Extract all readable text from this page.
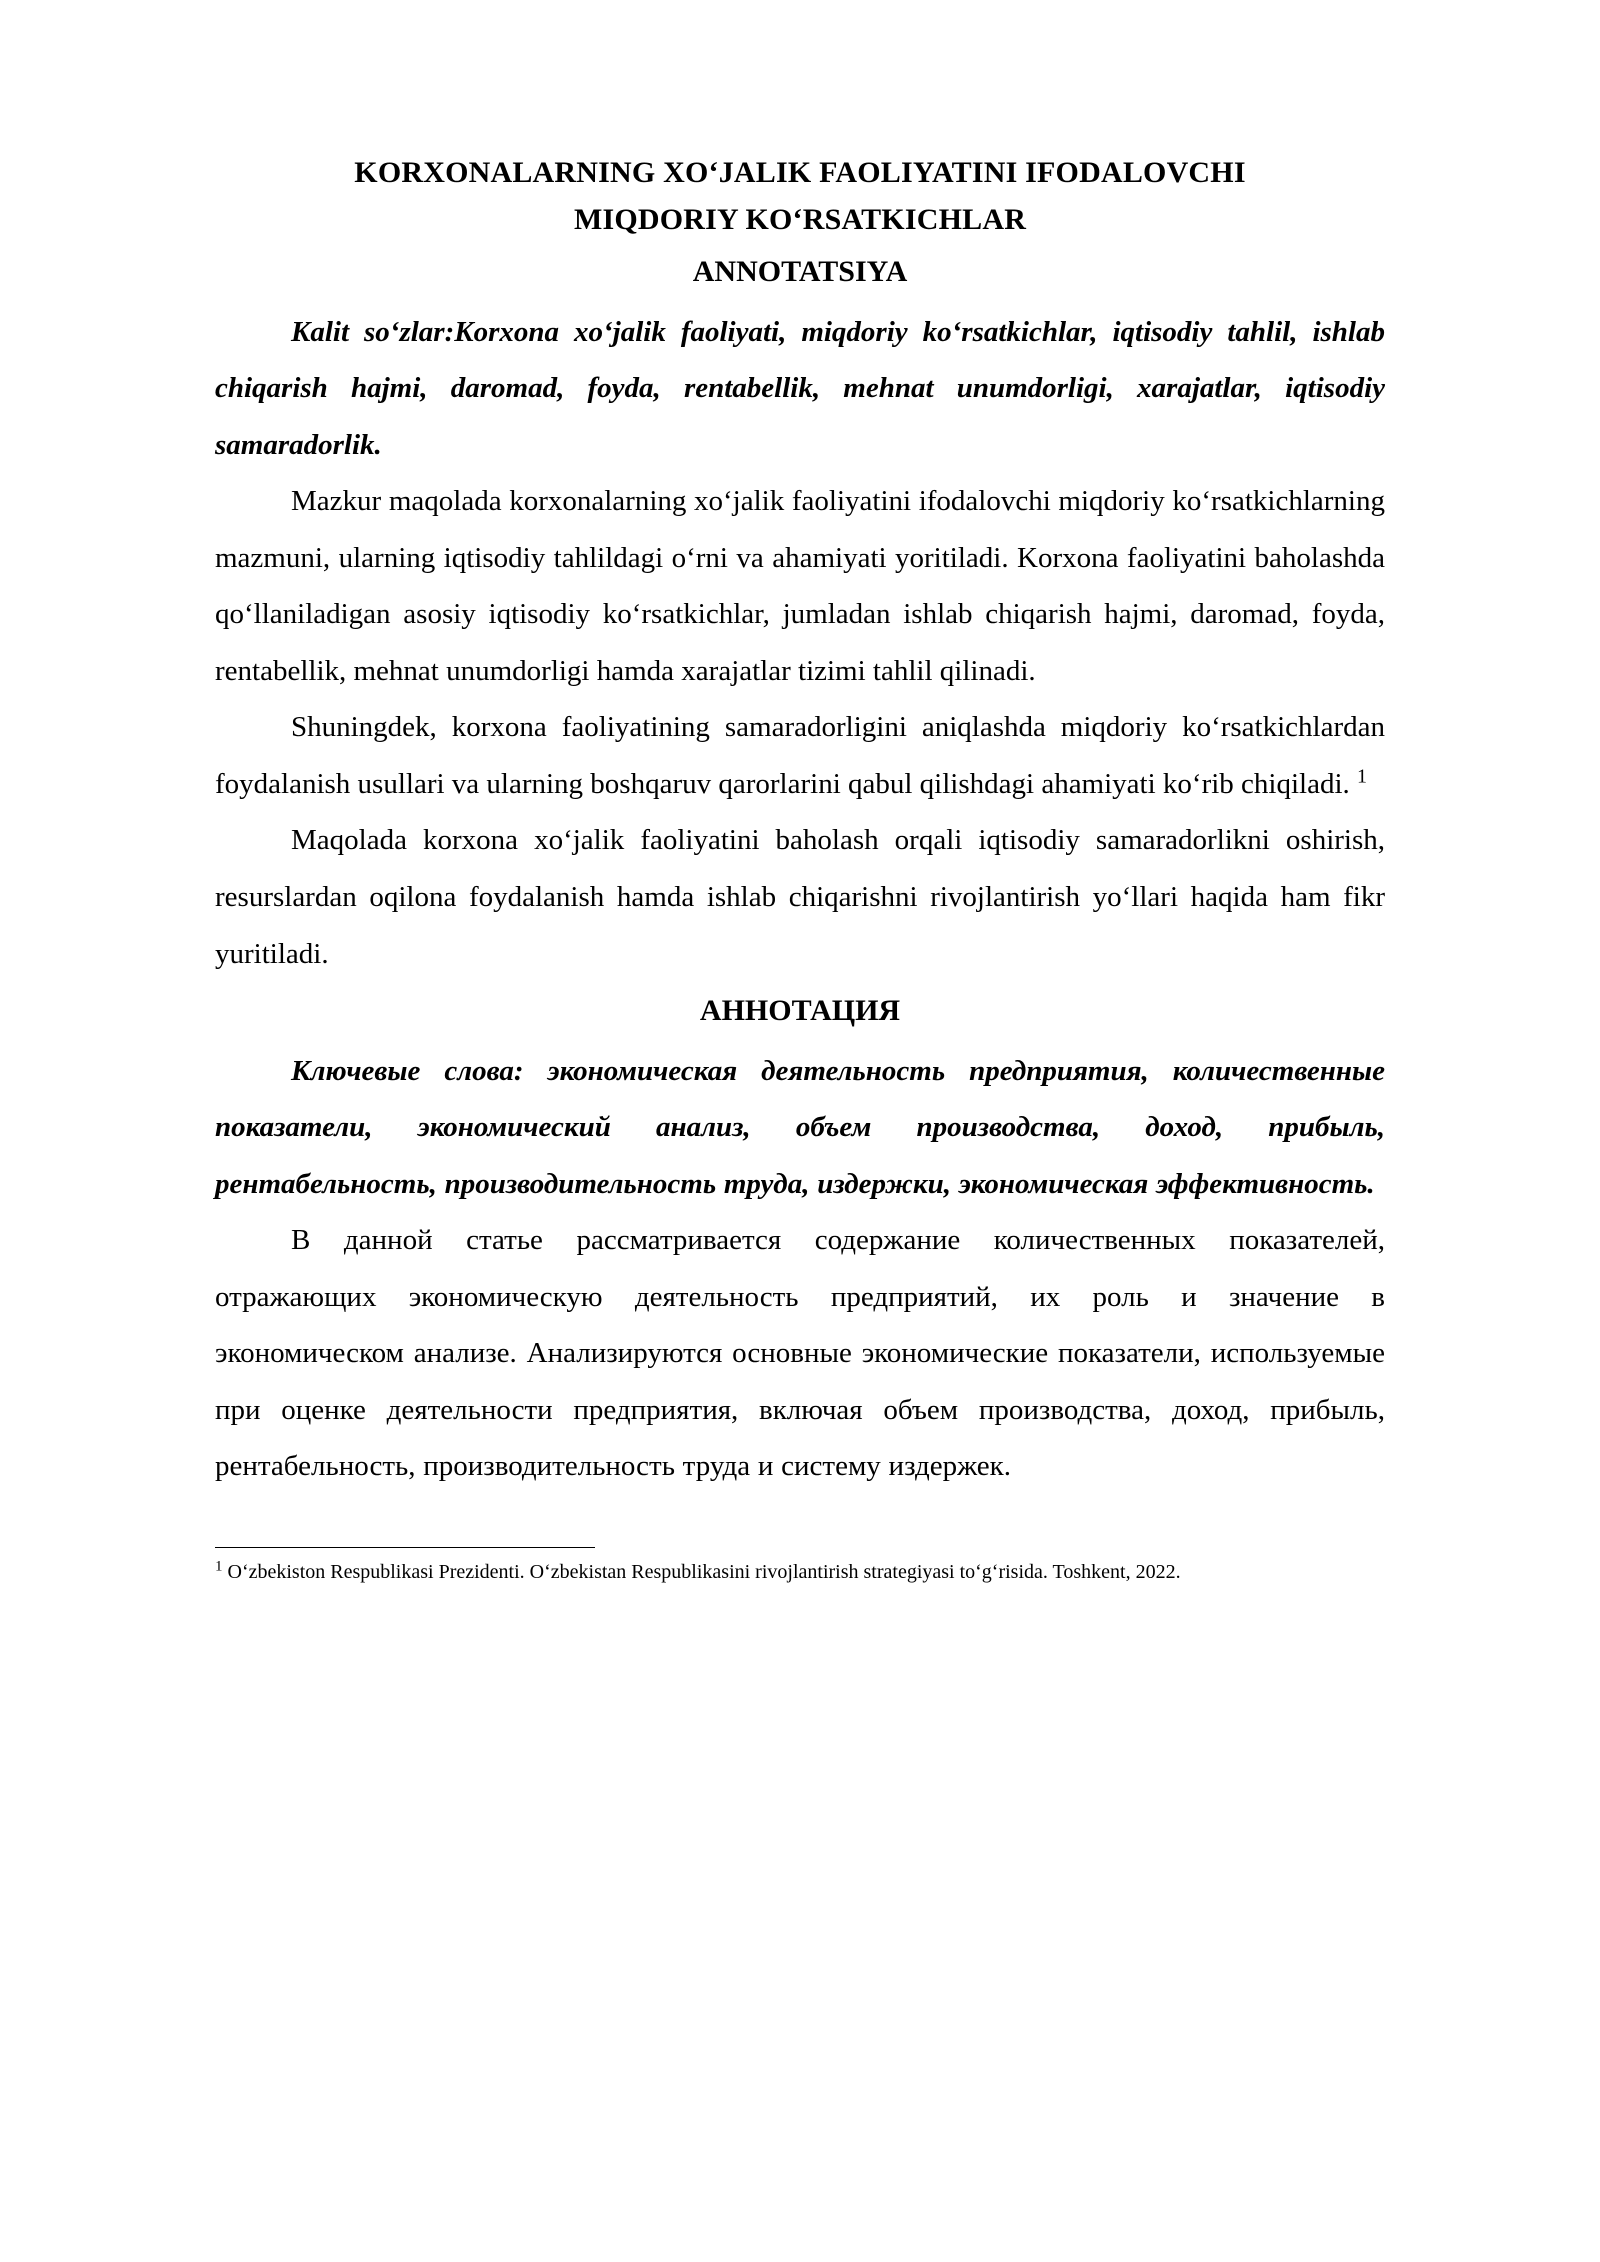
KORXONALARNING XO‘JALIK FAOLIYATINI IFODALOVCHI
MIQDORIY KO‘RSATKICHLAR
ANNOTATSIYA

Kalit so‘zlar:Korxona xo‘jalik faoliyati, miqdoriy ko‘rsatkichlar, iqtisodiy tahlil, ishlab chiqarish hajmi, daromad, foyda, rentabellik, mehnat unumdorligi, xarajatlar, iqtisodiy samaradorlik.

Mazkur maqolada korxonalarning xo‘jalik faoliyatini ifodalovchi miqdoriy ko‘rsatkichlarning mazmuni, ularning iqtisodiy tahlildagi o‘rni va ahamiyati yoritiladi. Korxona faoliyatini baholashda qo‘llaniladigan asosiy iqtisodiy ko‘rsatkichlar, jumladan ishlab chiqarish hajmi, daromad, foyda, rentabellik, mehnat unumdorligi hamda xarajatlar tizimi tahlil qilinadi.

Shuningdek, korxona faoliyatining samaradorligini aniqlashda miqdoriy ko‘rsatkichlardan foydalanish usullari va ularning boshqaruv qarorlarini qabul qilishdagi ahamiyati ko‘rib chiqiladi. $^1$

Maqolada korxona xo‘jalik faoliyatini baholash orqali iqtisodiy samaradorlikni oshirish, resurslardan oqilona foydalanish hamda ishlab chiqarishni rivojlantirish yo‘llari haqida ham fikr yuritiladi.

АННОТАЦИЯ

Ключевые слова: экономическая деятельность предприятия, количественные показатели, экономический анализ, объем производства, доход, прибыль, рентабельность, производительность труда, издержки, экономическая эффективность.

В данной статье рассматривается содержание количественных показателей, отражающих экономическую деятельность предприятий, их роль и значение в экономическом анализе. Анализируются основные экономические показатели, используемые при оценке деятельности предприятия, включая объем производства, доход, прибыль, рентабельность, производительность труда и систему издержек.

$^1$ O‘zbekiston Respublikasi Prezidenti. O‘zbekistan Respublikasini rivojlantirish strategiyasi to‘g‘risida. Toshkent, 2022.
